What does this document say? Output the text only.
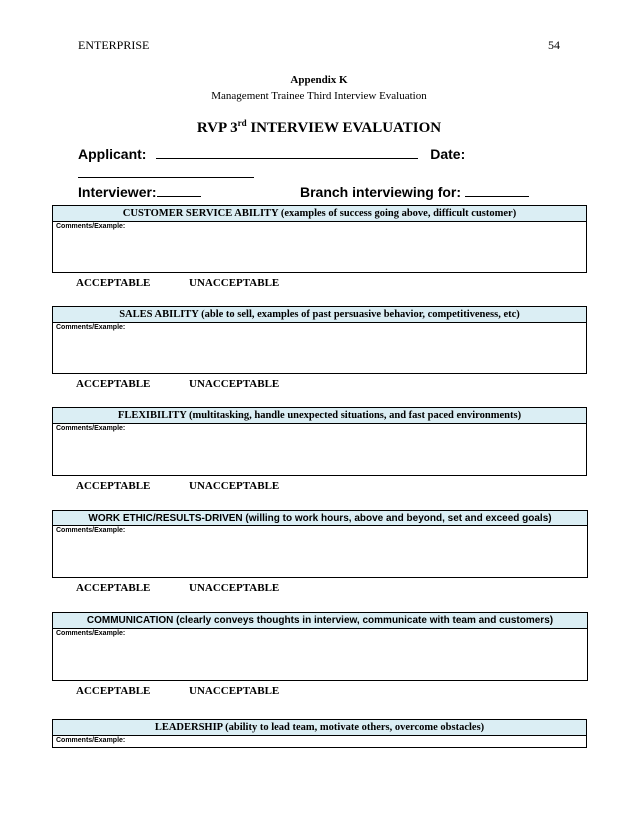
ENTERPRISE	54
Appendix K
Management Trainee Third Interview Evaluation
RVP 3rd INTERVIEW EVALUATION
Applicant:	Date:
Interviewer:	Branch interviewing for:
CUSTOMER SERVICE ABILITY (examples of success going above, difficult customer)
Comments/Example:
ACCEPTABLE	UNACCEPTABLE
SALES ABILITY (able to sell, examples of past persuasive behavior, competitiveness, etc)
Comments/Example:
ACCEPTABLE	UNACCEPTABLE
FLEXIBILITY (multitasking, handle unexpected situations, and fast paced environments)
Comments/Example:
ACCEPTABLE	UNACCEPTABLE
WORK ETHIC/RESULTS-DRIVEN (willing to work hours, above and beyond, set and exceed goals)
Comments/Example:
ACCEPTABLE	UNACCEPTABLE
COMMUNICATION (clearly conveys thoughts in interview, communicate with team and customers)
Comments/Example:
ACCEPTABLE	UNACCEPTABLE
LEADERSHIP (ability to lead team, motivate others, overcome obstacles)
Comments/Example:
